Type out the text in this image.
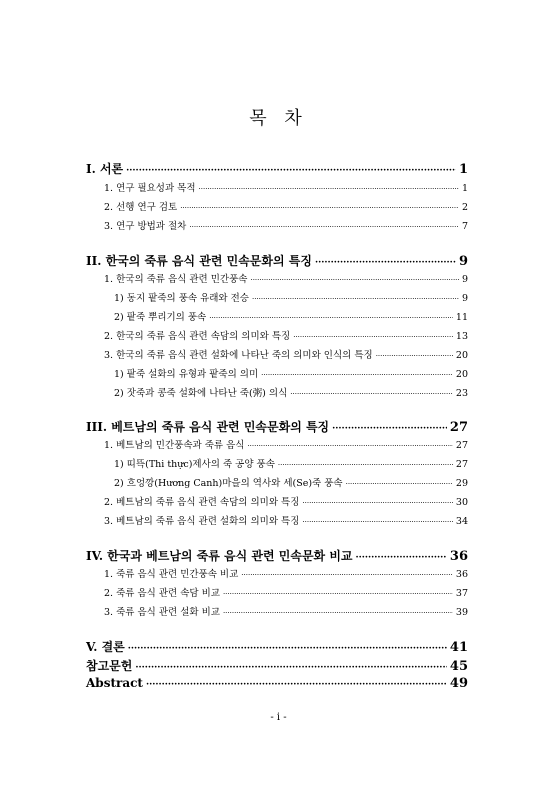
목 차
I. 서론 ·····	1
1. 연구 필요성과 목적 ·····	1
2. 선행 연구 검토 ·····	2
3. 연구 방법과 절차 ·····	7
II. 한국의 죽류 음식 관련 민속문화의 특징 ·····	9
1. 한국의 죽류 음식 관련 민간풍속 ·····	9
1) 동지 팥죽의 풍속 유래와 전승 ·····	9
2) 팥죽 뿌리기의 풍속 ·····	11
2. 한국의 죽류 음식 관련 속담의 의미와 특징 ·····	13
3. 한국의 죽류 음식 관련 설화에 나타난 죽의 의미와 인식의 특징 ·····	20
1) 팥죽 설화의 유형과 팥죽의 의미 ·····	20
2) 잣죽과 콩죽 설화에 나타난 죽(粥) 의식 ·····	23
III. 베트남의 죽류 음식 관련 민속문화의 특징 ·····	27
1. 베트남의 민간풍속과 죽류 음식 ·····	27
1) 띠뜩(Thi thực)제사의 죽 공양 풍속 ·····	27
2) 흐엉깡(Hương Canh)마을의 역사와 세(Se)죽 풍속 ·····	29
2. 베트남의 죽류 음식 관련 속담의 의미와 특징 ·····	30
3. 베트남의 죽류 음식 관련 설화의 의미와 특징 ·····	34
IV. 한국과 베트남의 죽류 음식 관련 민속문화 비교 ·····	36
1. 죽류 음식 관련 민간풍속 비교 ·····	36
2. 죽류 음식 관련 속담 비교 ·····	37
3. 죽류 음식 관련 설화 비교 ·····	39
V. 결론 ·····	41
참고문헌 ·····	45
Abstract ·····	49
- i -
